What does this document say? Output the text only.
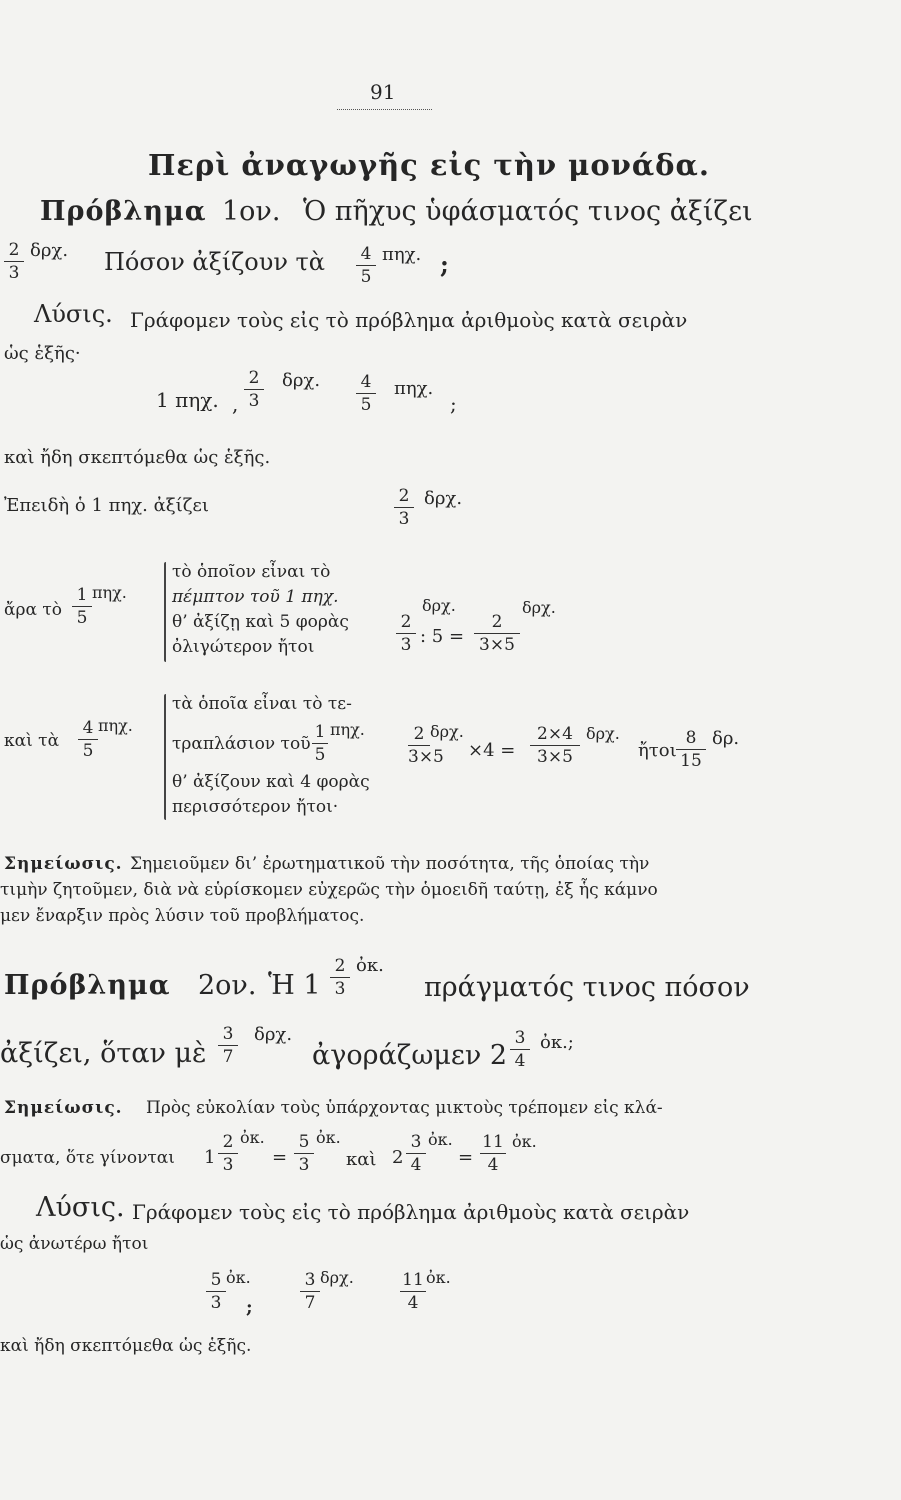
91
Περὶ ἀναγωγῆς εἰς τὴν μονάδα.
Πρόβλημα 1ον. Ὁ πῆχυς ὑφάσματός τινος ἀξίζει
2
3
δρχ. Πόσον ἀξίζουν τὰ 4
5
πηχ. ;
Λύσις. Γράφομεν τοὺς εἰς τὸ πρόβλημα ἀριθμοὺς κατὰ σειρὰν
ὡς ἑξῆς·
1 πηχ. ,
2
3
δρχ. 4
5
πηχ.
;
καὶ ἤδη σκεπτόμεθα ὡς ἑξῆς.
Ἐπειδὴ ὁ 1 πηχ. ἀξίζει	2
3
δρχ.
ἄρα τὸ
1
5
πηχ.
τὸ ὁποῖον εἶναι τὸ
πέμπτον τοῦ 1 πηχ.
θ’ ἀξίζῃ καὶ 5 φορὰς
ὀλιγώτερον ἤτοι
2
3
δρχ.
: 5 =
2
3×5
δρχ.
καὶ τὰ
4
5
πηχ.
τὰ ὁποῖα εἶναι τὸ τε-
τραπλάσιον τοῦ
1
5
πηχ.
θ’ ἀξίζουν καὶ 4 φορὰς
περισσότερον ἤτοι·
2
3×5
δρχ.
×4 =
2×4
3×5
δρχ.
ἤτοι
8
15
δρ.
Σημείωσις. Σημειοῦμεν δι’ ἐρωτηματικοῦ τὴν ποσότητα, τῆς ὁποίας τὴν
τιμὴν ζητοῦμεν, διὰ νὰ εὑρίσκομεν εὐχερῶς τὴν ὁμοειδῆ ταύτῃ, ἐξ ἧς κάμνο
μεν ἔναρξιν πρὸς λύσιν τοῦ προβλήματος.
Πρόβλημα 2ον. Ἡ 1
2
3
ὀκ.
πράγματός τινος πόσον
ἀξίζει, ὅταν μὲ
3
7
δρχ.
ἀγοράζωμεν 2
3
4
ὀκ.;
Σημείωσις. Πρὸς εὐκολίαν τοὺς ὑπάρχοντας μικτοὺς τρέπομεν εἰς κλά-
σματα, ὅτε γίνονται 1
2
3
ὀκ.
=
5
3
ὀκ.
καὶ 2
3
4
ὀκ.
=
11
4
ὀκ.
Λύσις. Γράφομεν τοὺς εἰς τὸ πρόβλημα ἀριθμοὺς κατὰ σειρὰν
ὡς ἀνωτέρω ἤτοι
5
3
ὀκ.
;
3
7
δρχ.	11
4
ὀκ.
καὶ ἤδη σκεπτόμεθα ὡς ἑξῆς.
